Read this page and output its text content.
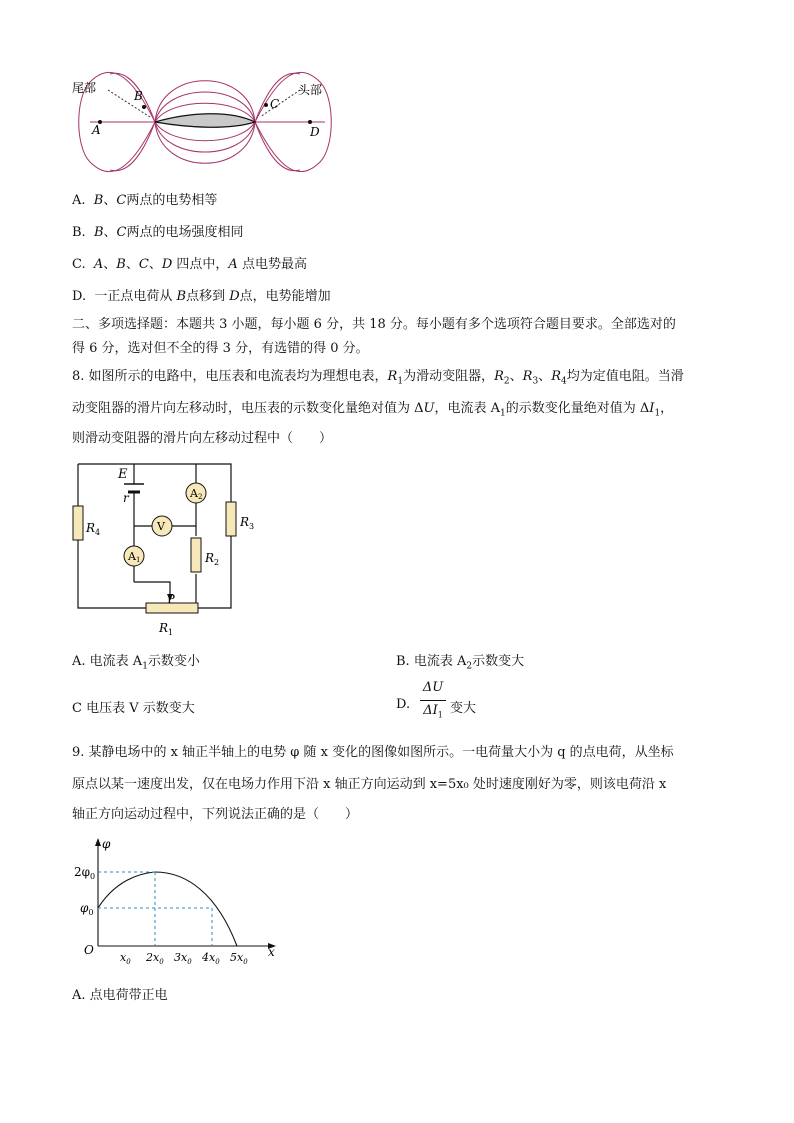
尾部	头部
A
B
C
D
A. B、C两点的电势相等
B. B、C两点的电场强度相同
C. A、B、C、D 四点中，A 点电势最高
D. 一正点电荷从 B点移到 D点，电势能增加
二、多项选择题：本题共 3 小题，每小题 6 分，共 18 分。每小题有多个选项符合题目要求。全部选对的
得 6 分，选对但不全的得 3 分，有选错的得 0 分。
8. 如图所示的电路中，电压表和电流表均为理想电表，$R_1$为滑动变阻器，$R_2$、$R_3$、$R_4$均为定值电阻。当滑
动变阻器的滑片向左移动时，电压表的示数变化量绝对值为 ΔU，电流表 $A_1$的示数变化量绝对值为 $\Delta I_1$，
则滑动变阻器的滑片向左移动过程中（　　）
E
r	A2
V
A1
$R_4$
$R_3$
$R_2$
P
$R_1$
A. 电流表 $A_1$示数变小	B. 电流表 $A_2$示数变大
C 电压表 V 示数变大	D.
ΔU
$\Delta I_1$ 变大
9. 某静电场中的 x 轴正半轴上的电势 φ 随 x 变化的图像如图所示。一电荷量大小为 q 的点电荷，从坐标
原点以某一速度出发，仅在电场力作用下沿 x 轴正方向运动到 x=5x₀ 处时速度刚好为零，则该电荷沿 x
轴正方向运动过程中，下列说法正确的是（　　）
φ
$2\varphi_0$
$\varphi_0$
O	x
$x_0$ $2x_0$ $3x_0$ $4x_0$ $5x_0$
A. 点电荷带正电
